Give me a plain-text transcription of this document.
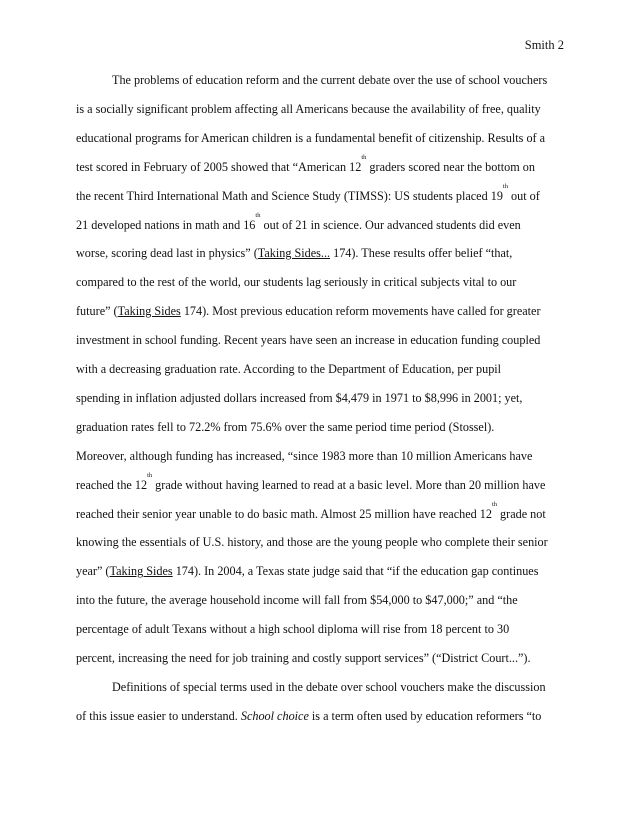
Smith 2
The problems of education reform and the current debate over the use of school vouchers
is a socially significant problem affecting all Americans because the availability of free, quality
educational programs for American children is a fundamental benefit of citizenship. Results of a
test scored in February of 2005 showed that “American 12th graders scored near the bottom on
the recent Third International Math and Science Study (TIMSS): US students placed 19th out of
21 developed nations in math and 16th out of 21 in science. Our advanced students did even
worse, scoring dead last in physics” (Taking Sides... 174). These results offer belief “that,
compared to the rest of the world, our students lag seriously in critical subjects vital to our
future” (Taking Sides 174). Most previous education reform movements have called for greater
investment in school funding. Recent years have seen an increase in education funding coupled
with a decreasing graduation rate. According to the Department of Education, per pupil
spending in inflation adjusted dollars increased from $4,479 in 1971 to $8,996 in 2001; yet,
graduation rates fell to 72.2% from 75.6% over the same period time period (Stossel).
Moreover, although funding has increased, “since 1983 more than 10 million Americans have
reached the 12th grade without having learned to read at a basic level. More than 20 million have
reached their senior year unable to do basic math. Almost 25 million have reached 12th grade not
knowing the essentials of U.S. history, and those are the young people who complete their senior
year” (Taking Sides 174). In 2004, a Texas state judge said that “if the education gap continues
into the future, the average household income will fall from $54,000 to $47,000;” and “the
percentage of adult Texans without a high school diploma will rise from 18 percent to 30
percent, increasing the need for job training and costly support services” (“District Court...”).
Definitions of special terms used in the debate over school vouchers make the discussion
of this issue easier to understand. School choice is a term often used by education reformers “to
